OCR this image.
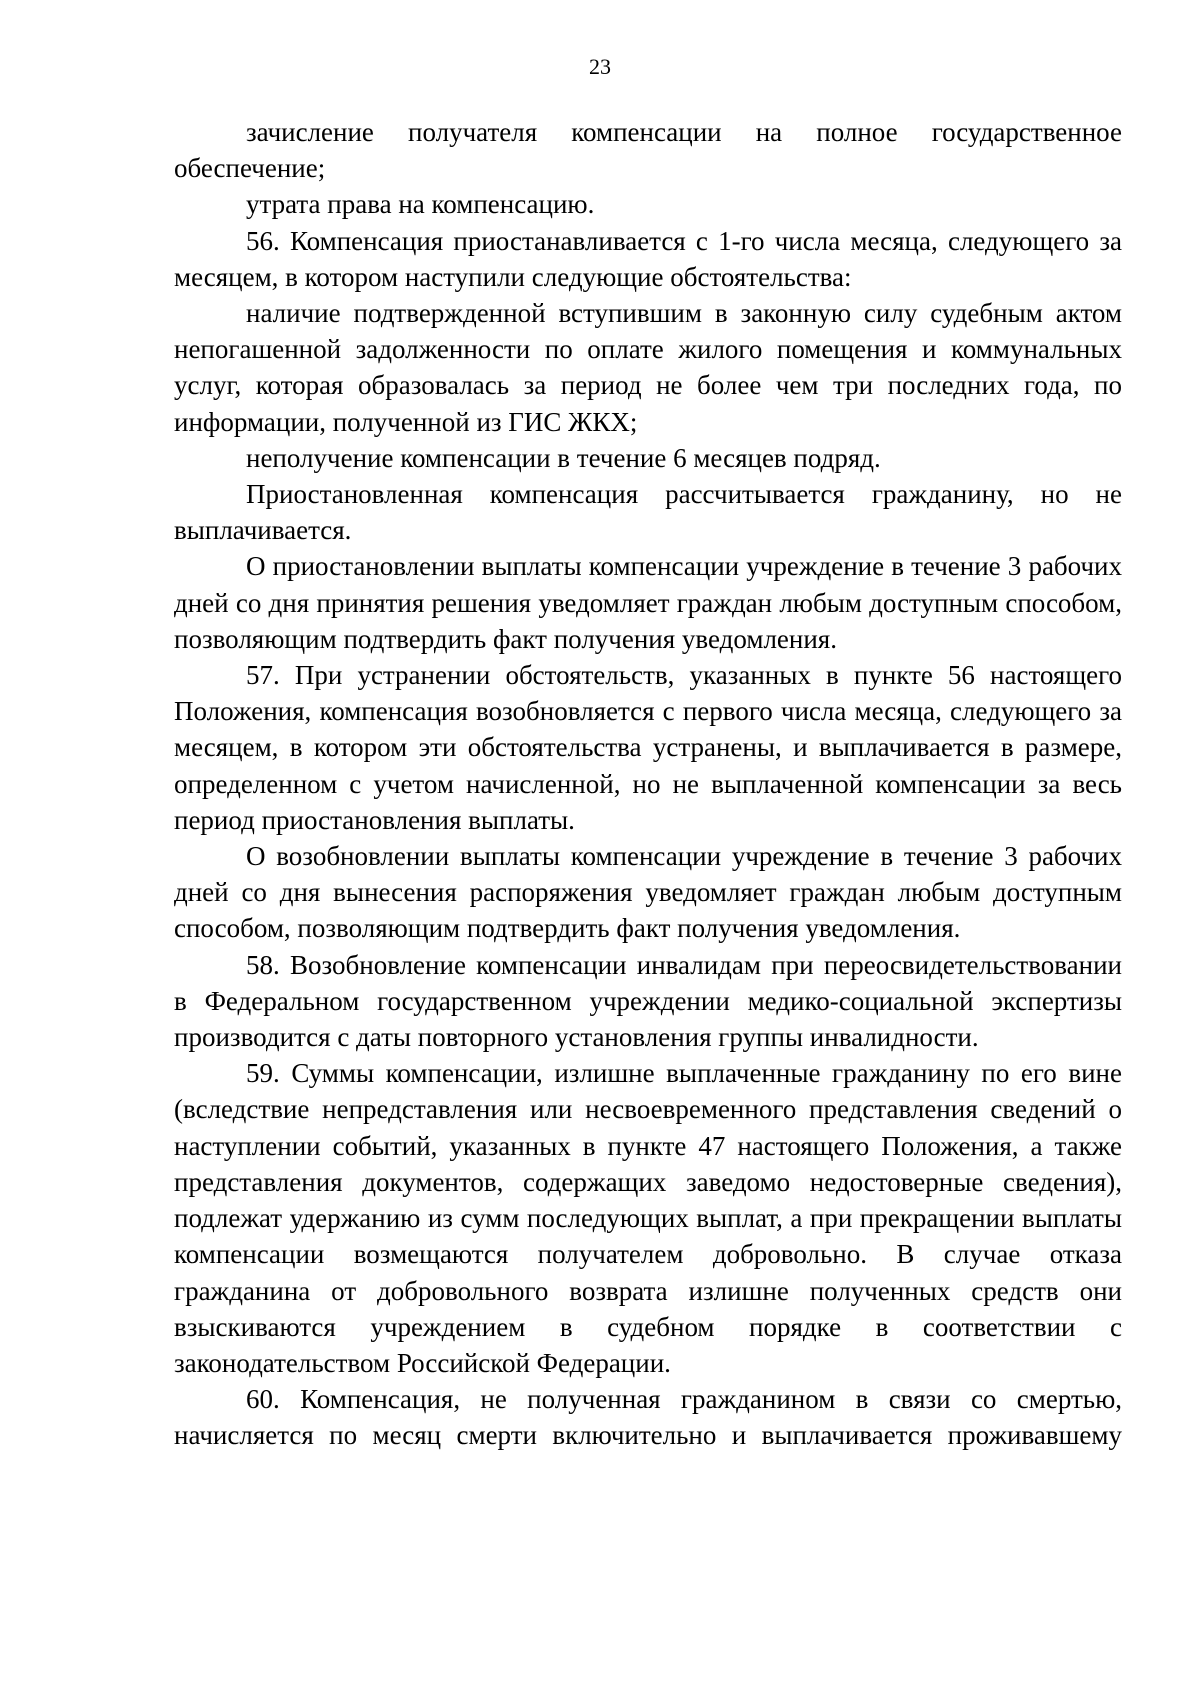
23

зачисление получателя компенсации на полное государственное обеспечение;

утрата права на компенсацию.

56. Компенсация приостанавливается с 1-го числа месяца, следующего за месяцем, в котором наступили следующие обстоятельства:

наличие подтвержденной вступившим в законную силу судебным актом непогашенной задолженности по оплате жилого помещения и коммунальных услуг, которая образовалась за период не более чем три последних года, по информации, полученной из ГИС ЖКХ;

неполучение компенсации в течение 6 месяцев подряд.

Приостановленная компенсация рассчитывается гражданину, но не выплачивается.

О приостановлении выплаты компенсации учреждение в течение 3 рабочих дней со дня принятия решения уведомляет граждан любым доступным способом, позволяющим подтвердить факт получения уведомления.

57. При устранении обстоятельств, указанных в пункте 56 настоящего Положения, компенсация возобновляется с первого числа месяца, следующего за месяцем, в котором эти обстоятельства устранены, и выплачивается в размере, определенном с учетом начисленной, но не выплаченной компенсации за весь период приостановления выплаты.

О возобновлении выплаты компенсации учреждение в течение 3 рабочих дней со дня вынесения распоряжения уведомляет граждан любым доступным способом, позволяющим подтвердить факт получения уведомления.

58. Возобновление компенсации инвалидам при переосвидетельствовании в Федеральном государственном учреждении медико-социальной экспертизы производится с даты повторного установления группы инвалидности.

59. Суммы компенсации, излишне выплаченные гражданину по его вине (вследствие непредставления или несвоевременного представления сведений о наступлении событий, указанных в пункте 47 настоящего Положения, а также представления документов, содержащих заведомо недостоверные сведения), подлежат удержанию из сумм последующих выплат, а при прекращении выплаты компенсации возмещаются получателем добровольно. В случае отказа гражданина от добровольного возврата излишне полученных средств они взыскиваются учреждением в судебном порядке в соответствии с законодательством Российской Федерации.

60. Компенсация, не полученная гражданином в связи со смертью, начисляется по месяц смерти включительно и выплачивается проживавшему
